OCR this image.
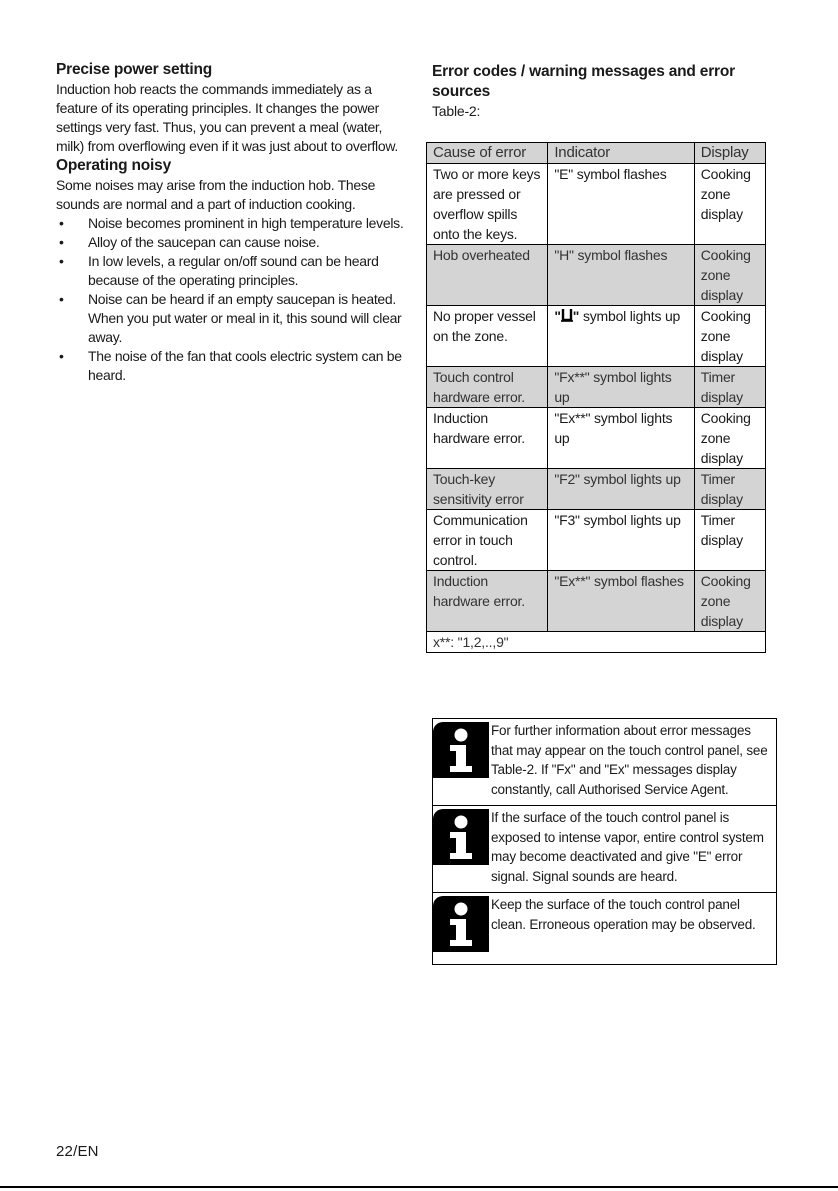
Precise power setting

Induction hob reacts the commands immediately as a feature of its operating principles. It changes the power settings very fast. Thus, you can prevent a meal (water, milk) from overflowing even if it was just about to overflow.

Operating noisy

Some noises may arise from the induction hob. These sounds are normal and a part of induction cooking.

• Noise becomes prominent in high temperature levels.
• Alloy of the saucepan can cause noise.
• In low levels, a regular on/off sound can be heard because of the operating principles.
• Noise can be heard if an empty saucepan is heated. When you put water or meal in it, this sound will clear away.
• The noise of the fan that cools electric system can be heard.
Error codes / warning messages and error sources
Table-2:
Cause of error	Indicator	Display
Two or more keys are pressed or overflow spills onto the keys.	"E" symbol flashes	Cooking zone display
Hob overheated	"H" symbol flashes	Cooking zone display
No proper vessel on the zone.	" " symbol lights up	Cooking zone display
Touch control hardware error.	"Fx**" symbol lights up	Timer display
Induction hardware error.	"Ex**" symbol lights up	Cooking zone display
Touch-key sensitivity error	"F2" symbol lights up	Timer display
Communication error in touch control.	"F3" symbol lights up	Timer display
Induction hardware error.	"Ex**" symbol flashes	Cooking zone display
x**: "1,2,..,9"		
For further information about error messages that may appear on the touch control panel, see Table-2. If "Fx" and "Ex" messages display constantly, call Authorised Service Agent.
If the surface of the touch control panel is exposed to intense vapor, entire control system may become deactivated and give "E" error signal. Signal sounds are heard.
Keep the surface of the touch control panel clean. Erroneous operation may be observed.
22/EN
